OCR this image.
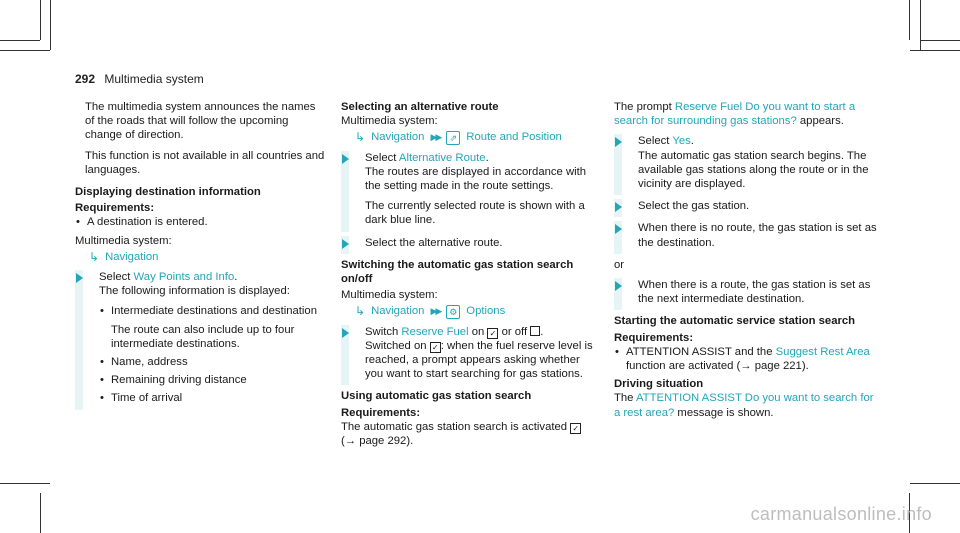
292 Multimedia system

The multimedia system announces the names of the roads that will follow the upcoming change of direction.

This function is not available in all countries and languages.

Displaying destination information
Requirements:
• A destination is entered.
Multimedia system:
↳ Navigation
Select Way Points and Info.

The following information is displayed:

• Intermediate destinations and destination
The route can also include up to four intermediate destinations.
• Name, address
• Remaining driving distance
• Time of arrival
Selecting an alternative route
Multimedia system:
↳ Navigation ▶▶	⇗ Route and Position
Select Alternative Route.

The routes are displayed in accordance with the setting made in the route settings.

The currently selected route is shown with a dark blue line.

Select the alternative route.
Switching the automatic gas station search on/off
Multimedia system:
↳ Navigation ▶▶ ⚙ Options
Switch Reserve Fuel on ✓ or off .

Switched on ✓ : when the fuel reserve level is reached, a prompt appears asking whether you want to start searching for gas stations.

Using automatic gas station search
Requirements:

The automatic gas station search is activated ✓
(→ page 292).

The prompt Reserve Fuel Do you want to start a search for surrounding gas stations? appears.

Select Yes.

The automatic gas station search begins. The available gas stations along the route or in the vicinity are displayed.

Select the gas station.
When there is no route, the gas station is set as the destination.
or
When there is a route, the gas station is set as the next intermediate destination.
Starting the automatic service station search
Requirements:
• ATTENTION ASSIST and the Suggest Rest Area function are activated (→ page 221).
Driving situation

The ATTENTION ASSIST Do you want to search for a rest area? message is shown.

carmanualsonline.info
